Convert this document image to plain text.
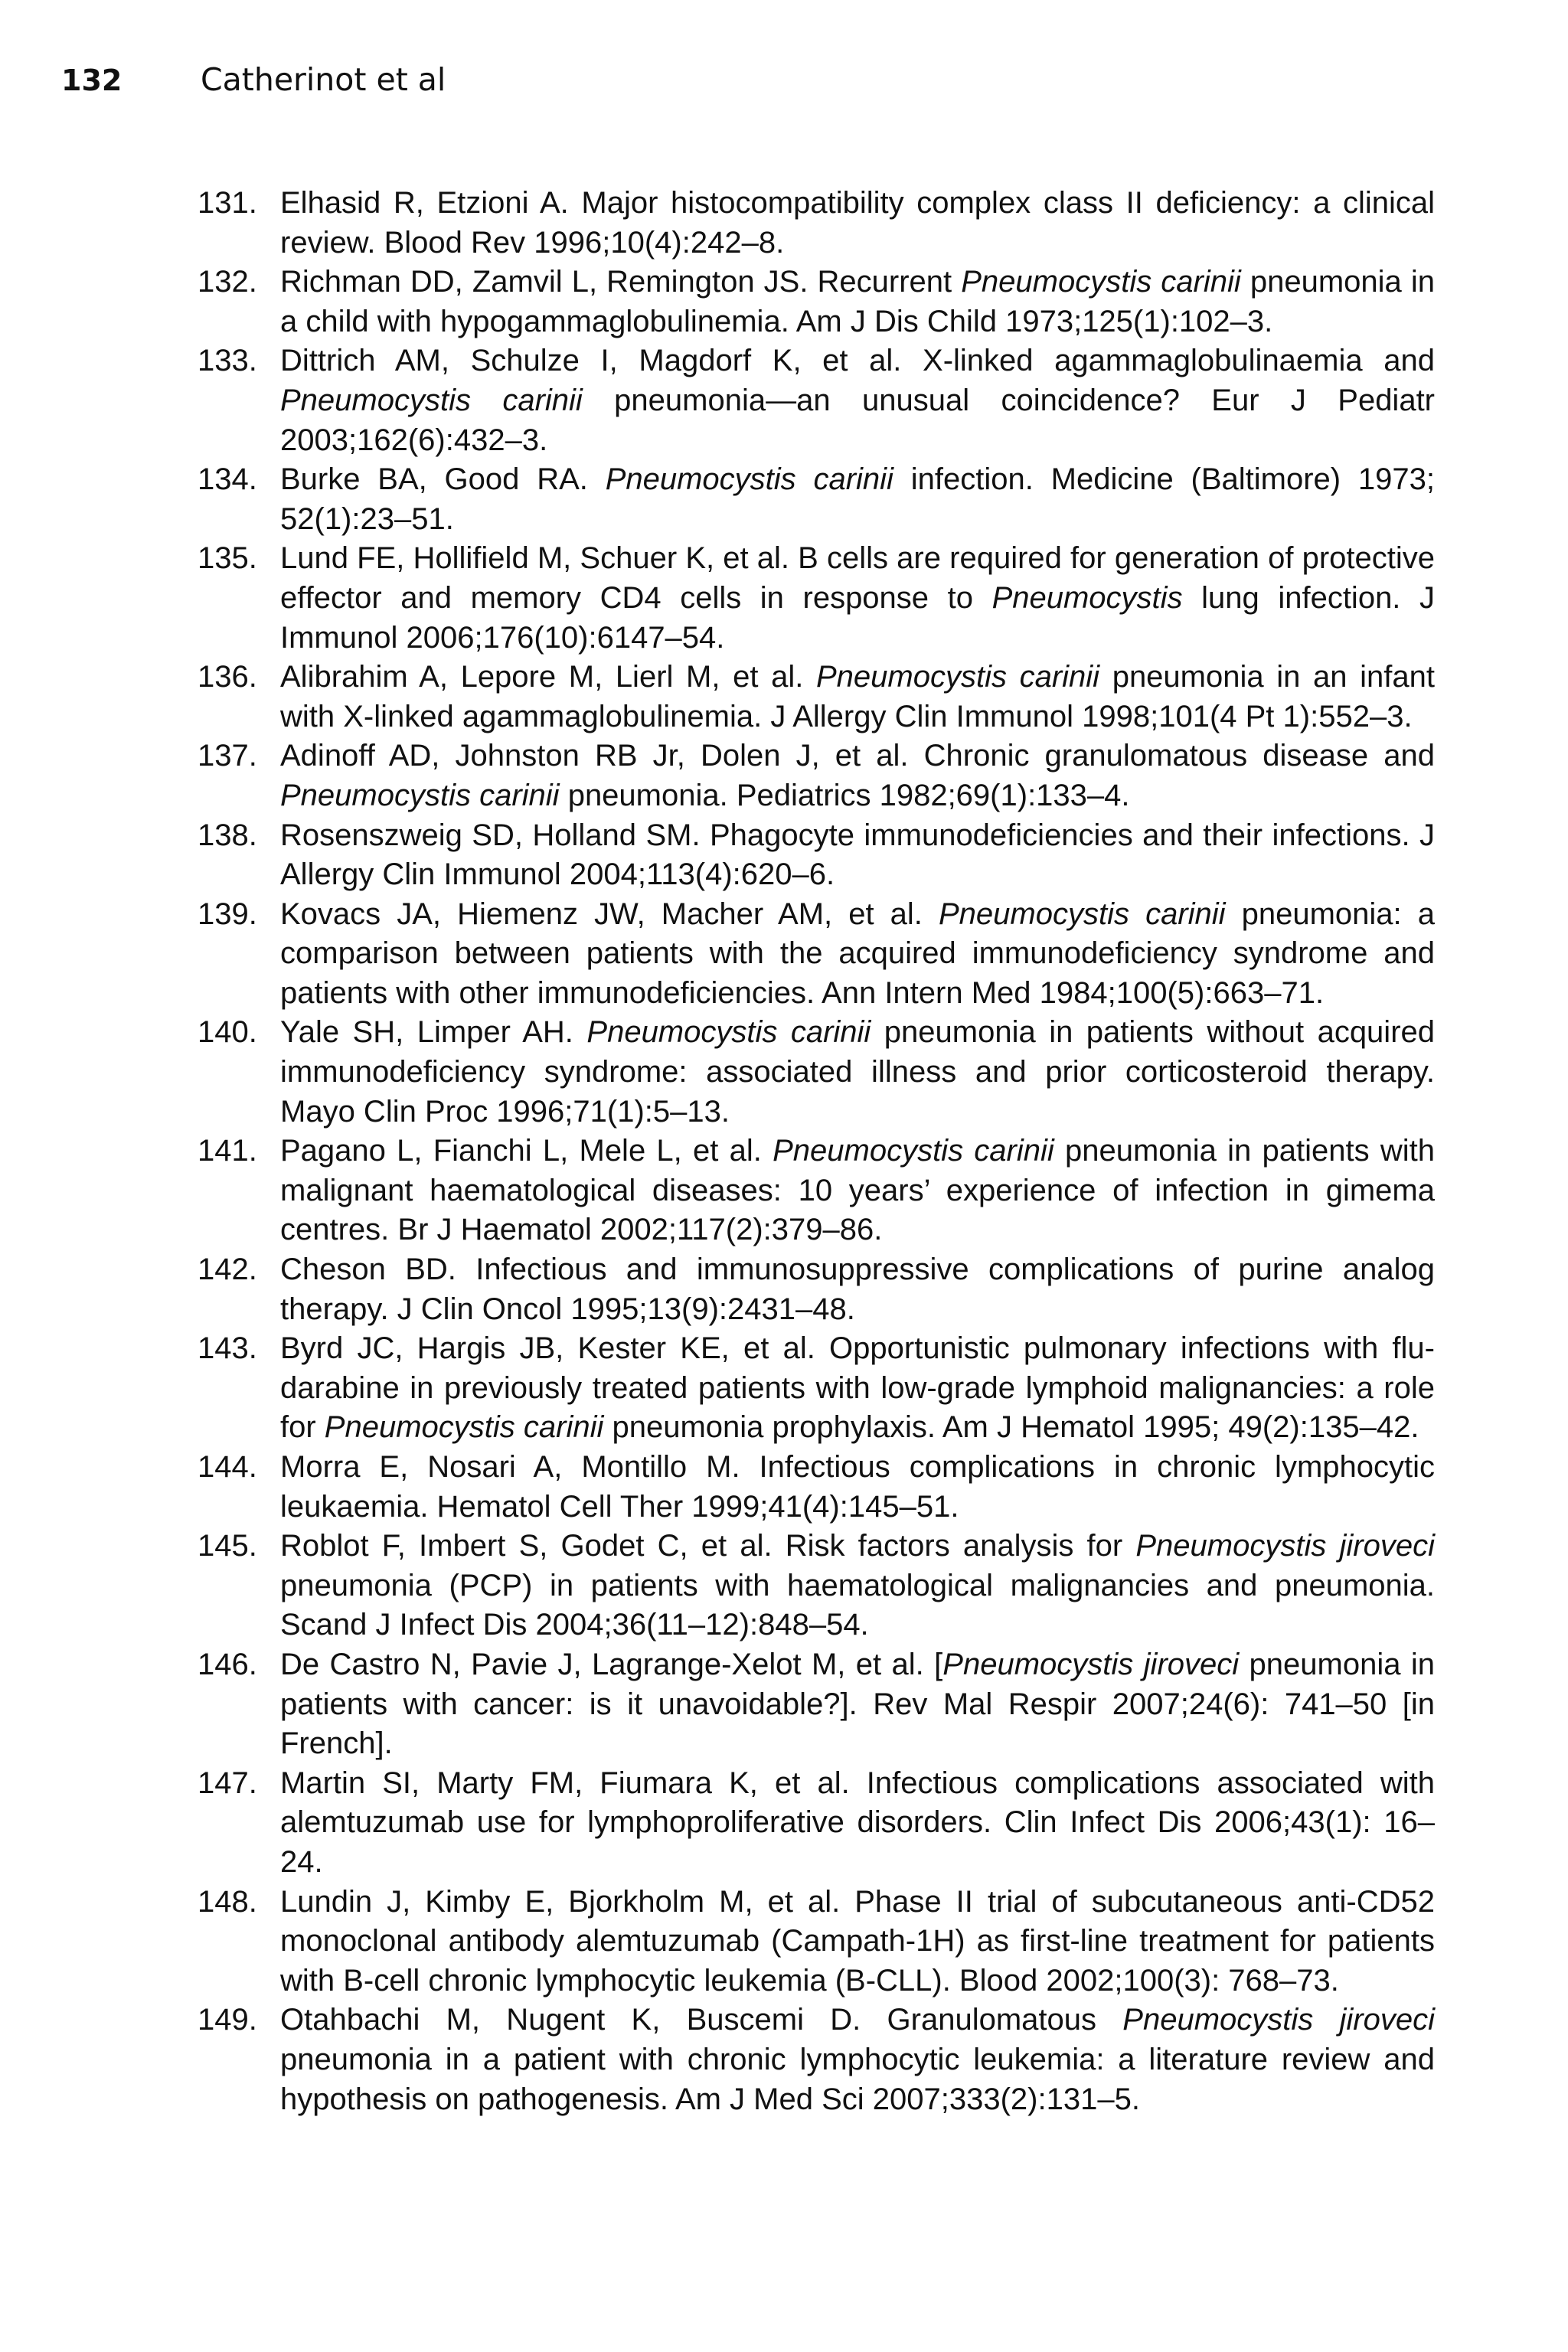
132	Catherinot et al
131. Elhasid R, Etzioni A. Major histocompatibility complex class II deficiency: a clinical review. Blood Rev 1996;10(4):242–8.
132. Richman DD, Zamvil L, Remington JS. Recurrent Pneumocystis carinii pneumonia in a child with hypogammaglobulinemia. Am J Dis Child 1973;125(1):102–3.
133. Dittrich AM, Schulze I, Magdorf K, et al. X-linked agammaglobulinaemia and Pneumocystis carinii pneumonia—an unusual coincidence? Eur J Pediatr 2003;162(6):432–3.
134. Burke BA, Good RA. Pneumocystis carinii infection. Medicine (Baltimore) 1973; 52(1):23–51.
135. Lund FE, Hollifield M, Schuer K, et al. B cells are required for generation of protective effector and memory CD4 cells in response to Pneumocystis lung infection. J Immunol 2006;176(10):6147–54.
136. Alibrahim A, Lepore M, Lierl M, et al. Pneumocystis carinii pneumonia in an infant with X-linked agammaglobulinemia. J Allergy Clin Immunol 1998;101(4 Pt 1):552–3.
137. Adinoff AD, Johnston RB Jr, Dolen J, et al. Chronic granulomatous disease and Pneumocystis carinii pneumonia. Pediatrics 1982;69(1):133–4.
138. Rosenszweig SD, Holland SM. Phagocyte immunodeficiencies and their infections. J Allergy Clin Immunol 2004;113(4):620–6.
139. Kovacs JA, Hiemenz JW, Macher AM, et al. Pneumocystis carinii pneumonia: a comparison between patients with the acquired immunodeficiency syndrome and patients with other immunodeficiencies. Ann Intern Med 1984;100(5):663–71.
140. Yale SH, Limper AH. Pneumocystis carinii pneumonia in patients without acquired immunodeficiency syndrome: associated illness and prior corticosteroid therapy. Mayo Clin Proc 1996;71(1):5–13.
141. Pagano L, Fianchi L, Mele L, et al. Pneumocystis carinii pneumonia in patients with malignant haematological diseases: 10 years’ experience of infection in gimema centres. Br J Haematol 2002;117(2):379–86.
142. Cheson BD. Infectious and immunosuppressive complications of purine analog therapy. J Clin Oncol 1995;13(9):2431–48.
143. Byrd JC, Hargis JB, Kester KE, et al. Opportunistic pulmonary infections with fludarabine in previously treated patients with low-grade lymphoid malignancies: a role for Pneumocystis carinii pneumonia prophylaxis. Am J Hematol 1995; 49(2):135–42.
144. Morra E, Nosari A, Montillo M. Infectious complications in chronic lymphocytic leukaemia. Hematol Cell Ther 1999;41(4):145–51.
145. Roblot F, Imbert S, Godet C, et al. Risk factors analysis for Pneumocystis jiroveci pneumonia (PCP) in patients with haematological malignancies and pneumonia. Scand J Infect Dis 2004;36(11–12):848–54.
146. De Castro N, Pavie J, Lagrange-Xelot M, et al. [Pneumocystis jiroveci pneumonia in patients with cancer: is it unavoidable?]. Rev Mal Respir 2007;24(6): 741–50 [in French].
147. Martin SI, Marty FM, Fiumara K, et al. Infectious complications associated with alemtuzumab use for lymphoproliferative disorders. Clin Infect Dis 2006;43(1): 16–24.
148. Lundin J, Kimby E, Bjorkholm M, et al. Phase II trial of subcutaneous anti-CD52 monoclonal antibody alemtuzumab (Campath-1H) as first-line treatment for patients with B-cell chronic lymphocytic leukemia (B-CLL). Blood 2002;100(3): 768–73.
149. Otahbachi M, Nugent K, Buscemi D. Granulomatous Pneumocystis jiroveci pneumonia in a patient with chronic lymphocytic leukemia: a literature review and hypothesis on pathogenesis. Am J Med Sci 2007;333(2):131–5.
